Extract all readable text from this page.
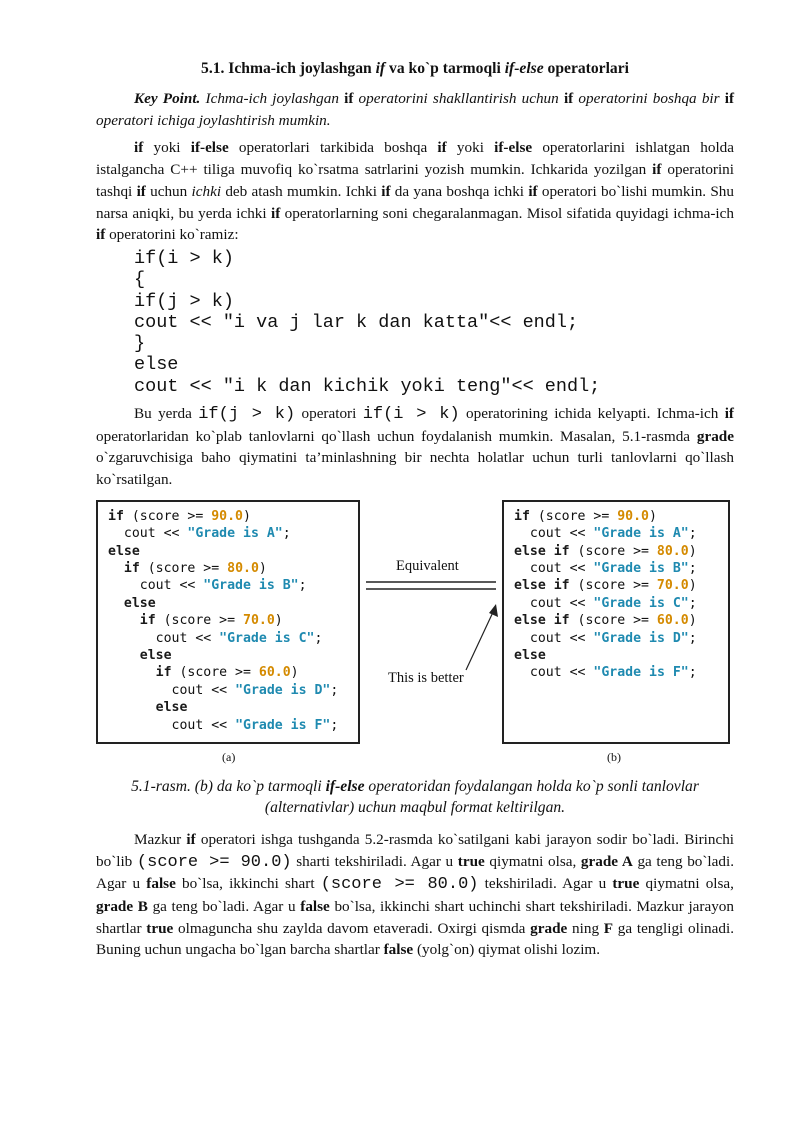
5.1. Ichma-ich joylashgan if va ko`p tarmoqli if-else operatorlari

Key Point. Ichma-ich joylashgan if operatorini shakllantirish uchun if operatorini boshqa bir if operatori ichiga joylashtirish mumkin.

if yoki if-else operatorlari tarkibida boshqa if yoki if-else operatorlarini ishlatgan holda istalgancha C++ tiliga muvofiq ko`rsatma satrlarini yozish mumkin. Ichkarida yozilgan if operatorini tashqi if uchun ichki deb atash mumkin. Ichki if da yana boshqa ichki if operatori bo`lishi mumkin. Shu narsa aniqki, bu yerda ichki if operatorlarning soni chegaralanmagan. Misol sifatida quyidagi ichma-ich if operatorini ko`ramiz:

if(i > k)
{
if(j > k)
cout << "i va j lar k dan katta"<< endl;
}
else
cout << "i k dan kichik yoki teng"<< endl;

Bu yerda if(j > k) operatori if(i > k) operatorining ichida kelyapti. Ichma-ich if operatorlaridan ko`plab tanlovlarni qo`llash uchun foydalanish mumkin. Masalan, 5.1-rasmda grade o`zgaruvchisiga baho qiymatini ta’minlashning bir nechta holatlar uchun turli tanlovlarni qo`llash ko`rsatilgan.

if (score >= 90.0)
cout << "Grade is A";
else
if (score >= 80.0)
cout << "Grade is B";
else
if (score >= 70.0)
cout << "Grade is C";
else
if (score >= 60.0)
cout << "Grade is D";
else
cout << "Grade is F";
if (score >= 90.0)
cout << "Grade is A";
else if (score >= 80.0)
cout << "Grade is B";
else if (score >= 70.0)
cout << "Grade is C";
else if (score >= 60.0)
cout << "Grade is D";
else
cout << "Grade is F";
Equivalent
This is better
(a)	(b)

5.1-rasm. (b) da ko`p tarmoqli if-else operatoridan foydalangan holda ko`p sonli tanlovlar (alternativlar) uchun maqbul format keltirilgan.

Mazkur if operatori ishga tushganda 5.2-rasmda ko`satilgani kabi jarayon sodir bo`ladi. Birinchi bo`lib (score >= 90.0) sharti tekshiriladi. Agar u true qiymatni olsa, grade A ga teng bo`ladi. Agar u false bo`lsa, ikkinchi shart (score >= 80.0) tekshiriladi. Agar u true qiymatni olsa, grade B ga teng bo`ladi. Agar u false bo`lsa, ikkinchi shart uchinchi shart tekshiriladi. Mazkur jarayon shartlar true olmaguncha shu zaylda davom etaveradi. Oxirgi qismda grade ning F ga tengligi olinadi. Buning uchun ungacha bo`lgan barcha shartlar false (yolg`on) qiymat olishi lozim.
